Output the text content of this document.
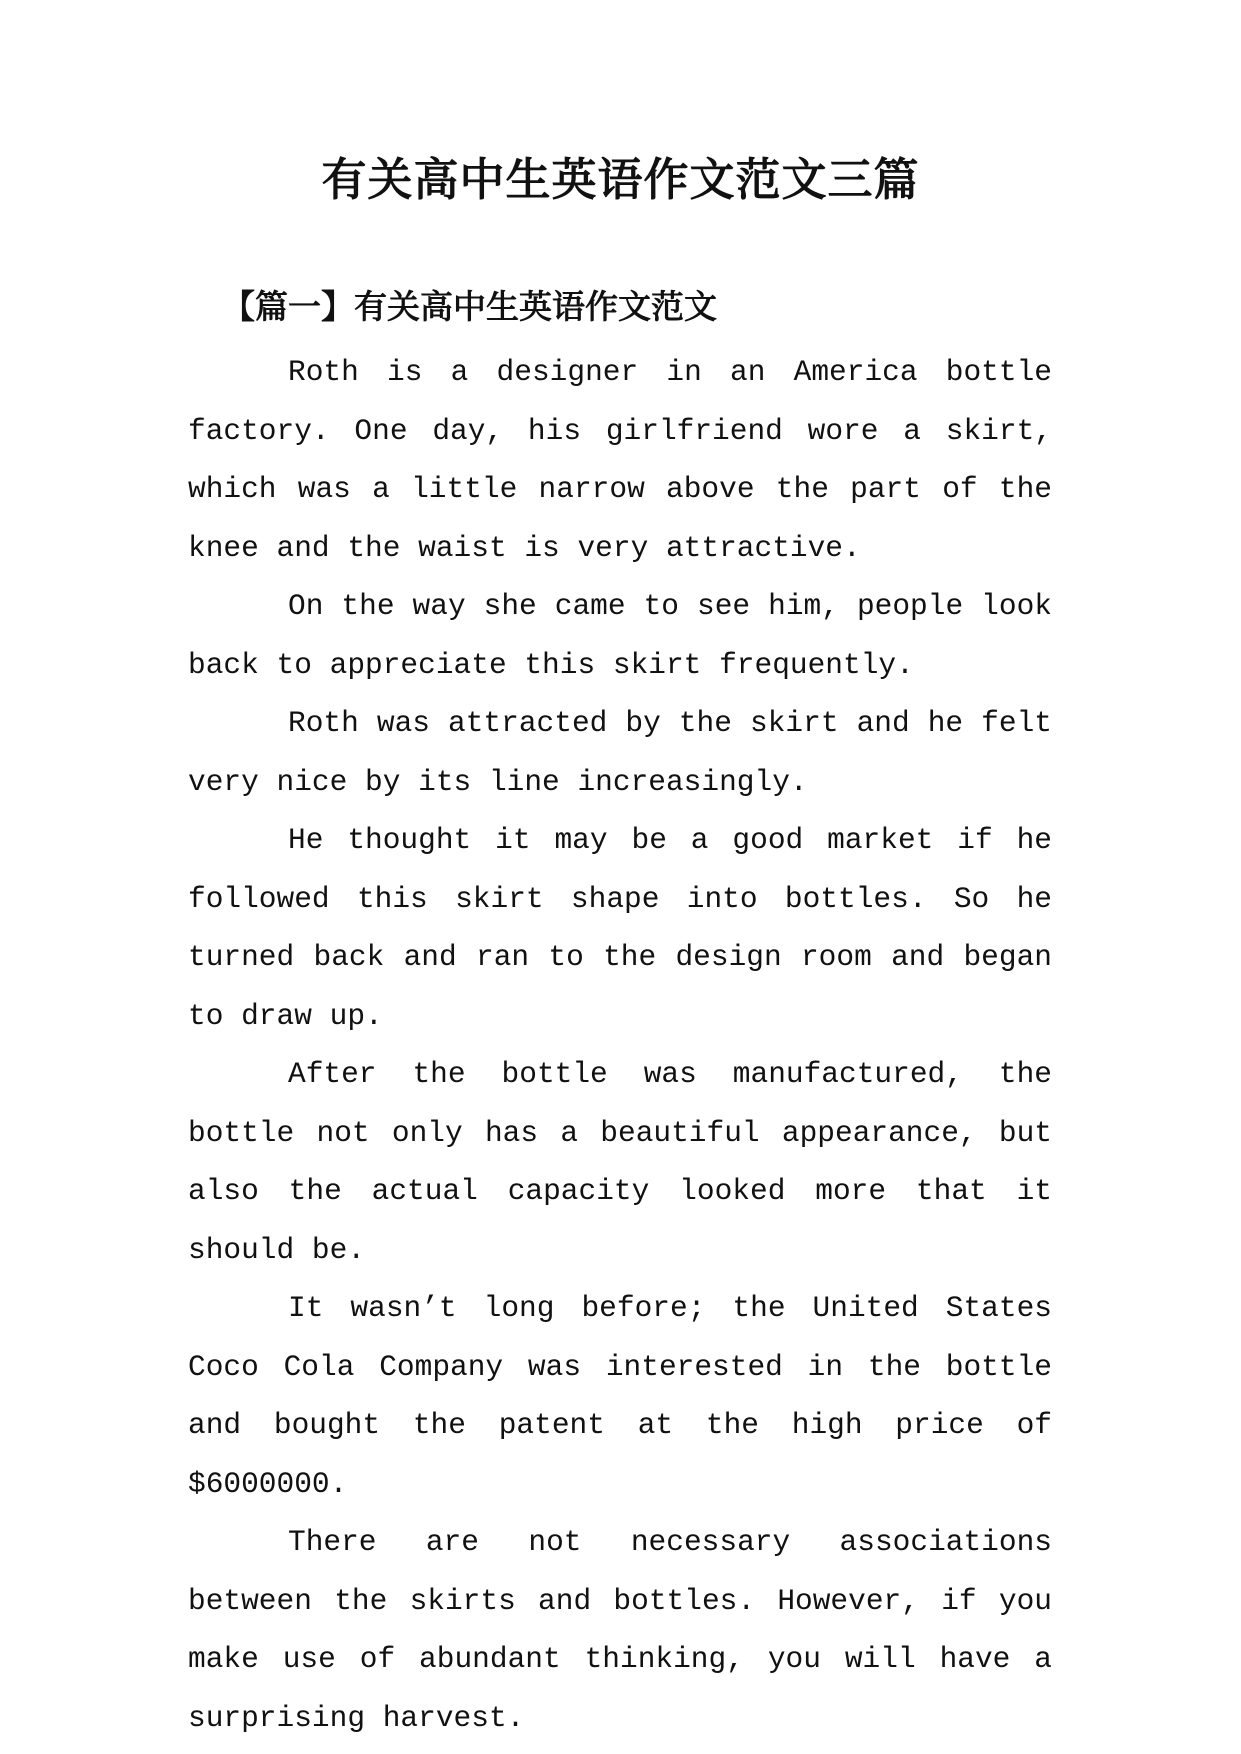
有关高中生英语作文范文三篇
【篇一】有关高中生英语作文范文

Roth is a designer in an America bottle factory. One day, his girlfriend wore a skirt, which was a little narrow above the part of the knee and the waist is very attractive.

On the way she came to see him, people look back to appreciate this skirt frequently.

Roth was attracted by the skirt and he felt very nice by its line increasingly.

He thought it may be a good market if he followed this skirt shape into bottles. So he turned back and ran to the design room and began to draw up.

After the bottle was manufactured, the bottle not only has a beautiful appearance, but also the actual capacity looked more that it should be.

It wasn’t long before; the United States Coco Cola Company was interested in the bottle and bought the patent at the high price of $6000000.

There are not necessary associations between the skirts and bottles. However, if you make use of abundant thinking, you will have a surprising harvest.
